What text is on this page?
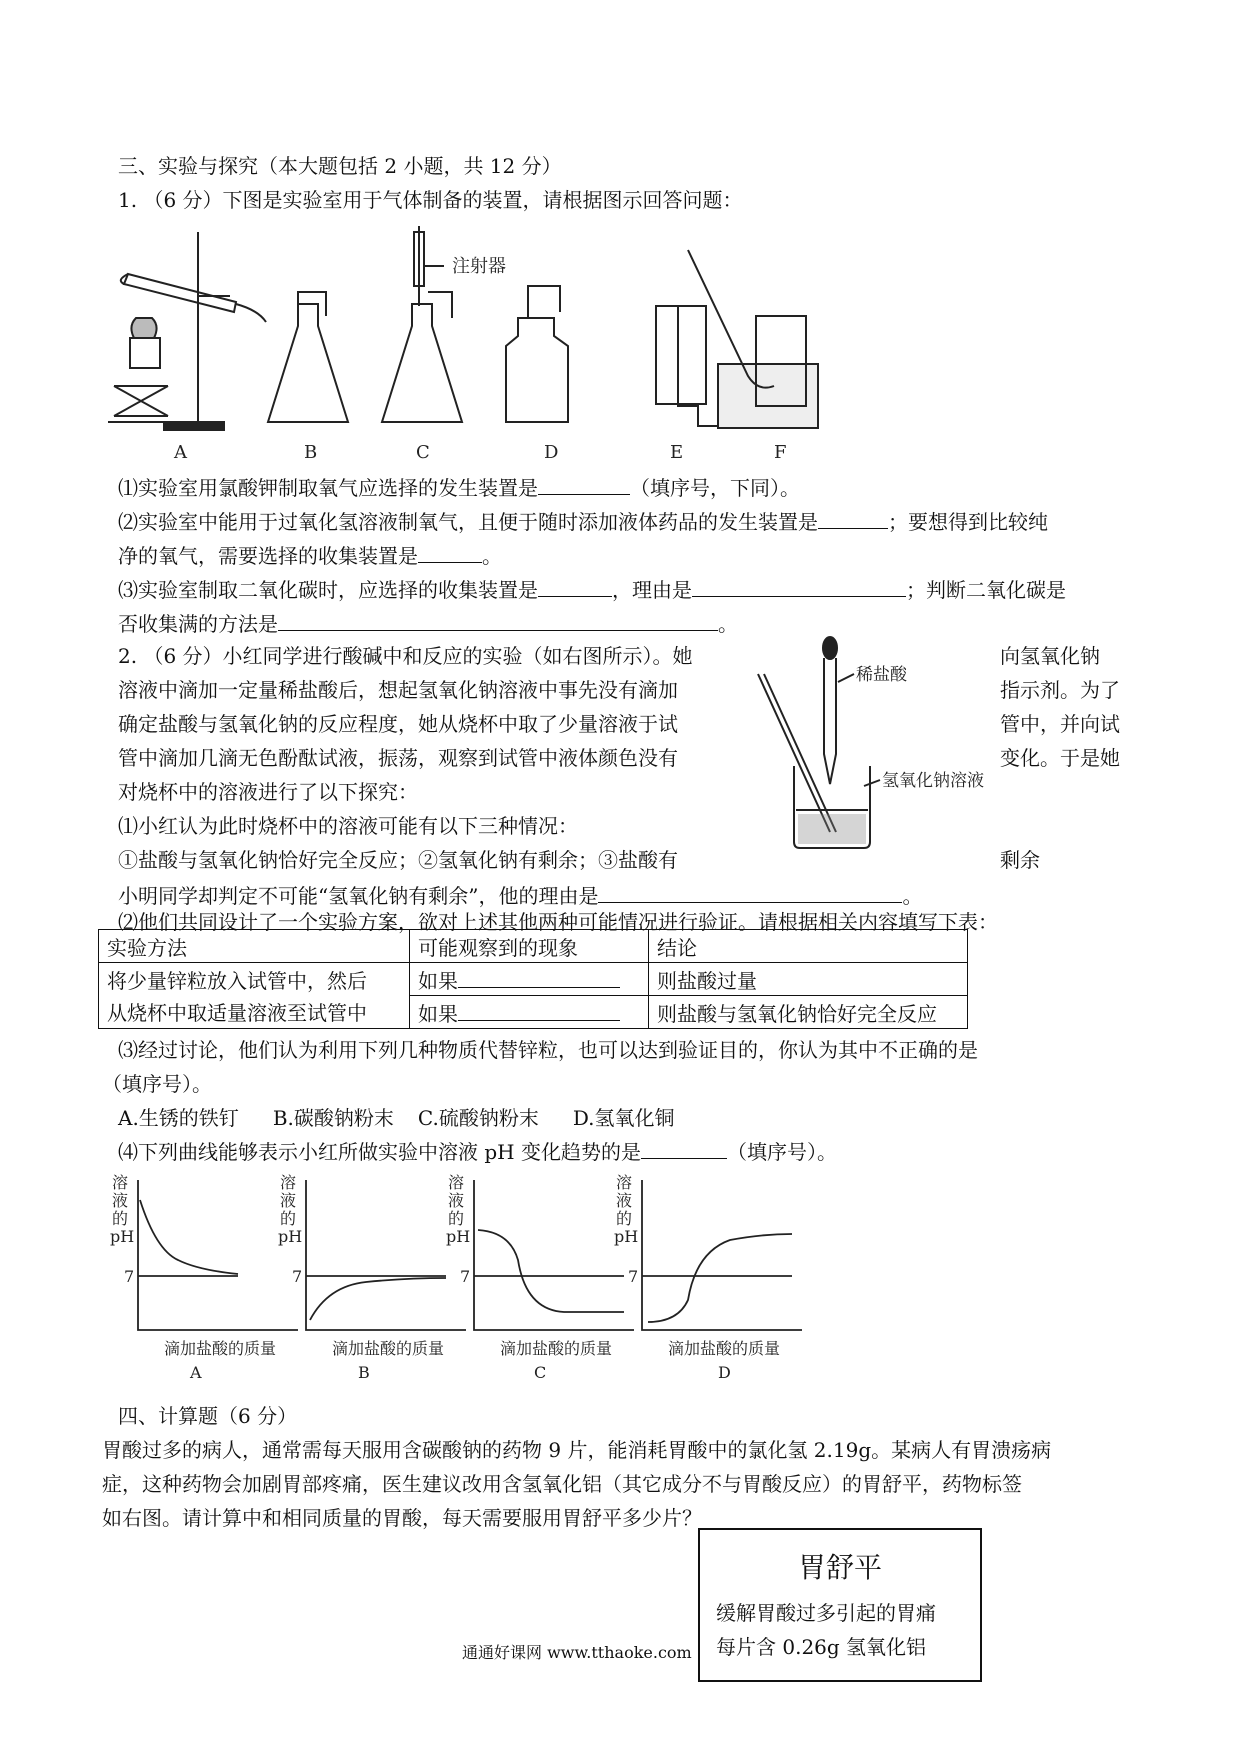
三、实验与探究（本大题包括 2 小题，共 12 分）
1. （6 分）下图是实验室用于气体制备的装置，请根据图示回答问题：
注射器
A	B	C	D	E	F
⑴实验室用氯酸钾制取氧气应选择的发生装置是	（填序号，下同）。
⑵实验室中能用于过氧化氢溶液制氧气，且便于随时添加液体药品的发生装置是	；要想得到比较纯
净的氧气，需要选择的收集装置是	。
⑶实验室制取二氧化碳时，应选择的收集装置是	，理由是	；判断二氧化碳是
否收集满的方法是	。
2. （6 分）小红同学进行酸碱中和反应的实验（如右图所示）。她	向氢氧化钠
溶液中滴加一定量稀盐酸后，想起氢氧化钠溶液中事先没有滴加	指示剂。为了
确定盐酸与氢氧化钠的反应程度，她从烧杯中取了少量溶液于试	管中，并向试
管中滴加几滴无色酚酞试液，振荡，观察到试管中液体颜色没有	变化。于是她
对烧杯中的溶液进行了以下探究：
⑴小红认为此时烧杯中的溶液可能有以下三种情况：
①盐酸与氢氧化钠恰好完全反应；②氢氧化钠有剩余；③盐酸有	剩余
小明同学却判定不可能“氢氧化钠有剩余”，他的理由是	。
⑵他们共同设计了一个实验方案，欲对上述其他两种可能情况进行验证。请根据相关内容填写下表：
稀盐酸
氢氧化钠溶液
实验方法	可能观察到的现象	结论
将少量锌粒放入试管中，然后	如果	则盐酸过量
从烧杯中取适量溶液至试管中	如果	则盐酸与氢氧化钠恰好完全反应
⑶经过讨论，他们认为利用下列几种物质代替锌粒，也可以达到验证目的，你认为其中不正确的是
（填序号）。
A.生锈的铁钉 B.碳酸钠粉末 C.硫酸钠粉末 D.氢氧化铜
⑷下列曲线能够表示小红所做实验中溶液 pH 变化趋势的是	（填序号）。
溶
液
的
pH
7
滴加盐酸的质量
A
溶
液
的
pH
7
滴加盐酸的质量
B
溶
液
的
pH
7
滴加盐酸的质量
C
溶
液
的
pH
7
滴加盐酸的质量
D
四、计算题（6 分）
胃酸过多的病人，通常需每天服用含碳酸钠的药物 9 片，能消耗胃酸中的氯化氢 2.19g。某病人有胃溃疡病
症，这种药物会加剧胃部疼痛，医生建议改用含氢氧化铝（其它成分不与胃酸反应）的胃舒平，药物标签
如右图。请计算中和相同质量的胃酸，每天需要服用胃舒平多少片？
胃舒平
缓解胃酸过多引起的胃痛
每片含 0.26g 氢氧化铝
通通好课网 www.tthaoke.com
